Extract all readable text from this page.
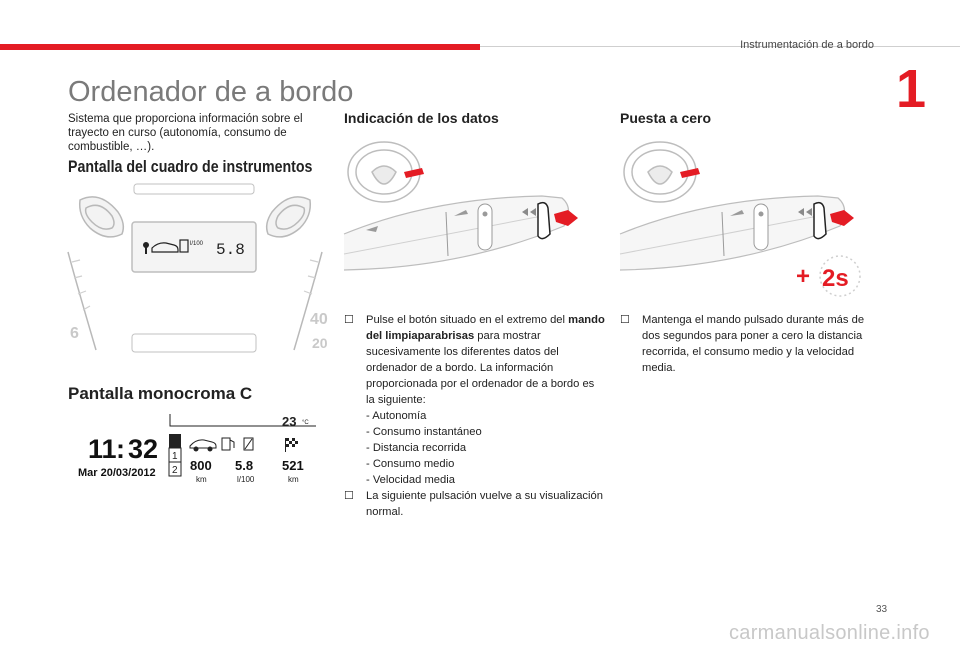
Instrumentación de a bordo
1
Ordenador de a bordo

Sistema que proporciona información sobre el trayecto en curso (autonomía, consumo de combustible, …).

Pantalla del cuadro de instrumentos
6
l/100 5.8
40
20
Pantalla monocroma C
23 °C
11 : 32
Mar 20/03/2012
1
2 800
km
5.8
l/100
521
km
Indicación de los datos
☐	Pulse el botón situado en el extremo del mando del limpiaparabrisas para mostrar sucesivamente los diferentes datos del ordenador de a bordo. La información proporcionada por el ordenador de a bordo es la siguiente:
- Autonomía
- Consumo instantáneo
- Distancia recorrida
- Consumo medio
- Velocidad media
☐	La siguiente pulsación vuelve a su visualización normal.
Puesta a cero
+ 2s
☐	Mantenga el mando pulsado durante más de dos segundos para poner a cero la distancia recorrida, el consumo medio y la velocidad media.
33
carmanualsonline.info
